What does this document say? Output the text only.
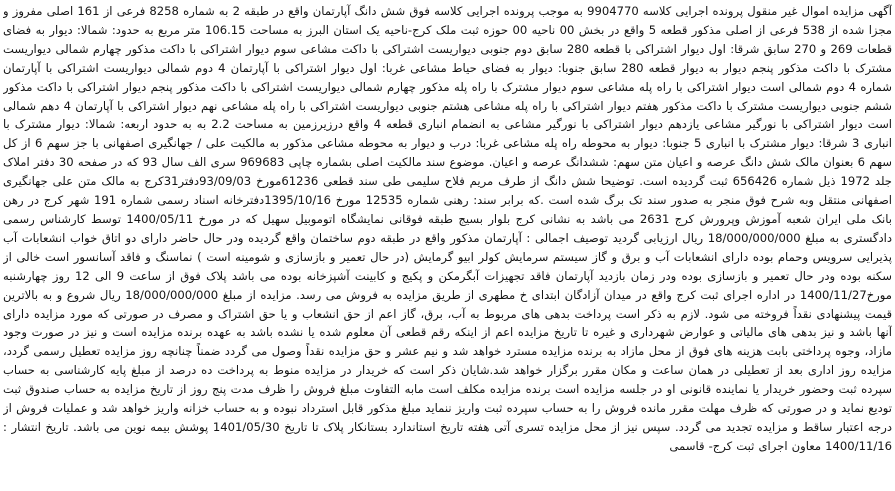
آگهی مزایده اموال غیر منقول پرونده اجرایی کلاسه 9904770 به موجب پرونده اجرایی کلاسه فوق شش دانگ آپارتمان واقع در طبقه 2 به شماره 8258 فرعی از 161 اصلی مفروز و مجزا شده از 538 فرعی از اصلی مذکور قطعه 5 واقع در بخش 00 ناحیه 00 حوزه ثبت ملک کرج-ناحیه یک استان البرز به مساحت 106.15 متر مربع به حدود: شمالا: دیوار به فضای قطعات 269 و 270 سابق شرقا: اول دیوار اشتراکی با قطعه 280 سابق دوم جنوبی دیواریست اشتراکی با داکت مشاعی سوم دیوار اشتراکی با داکت مذکور چهارم شمالی دیواریست مشترک با داکت مذکور پنجم دیوار به دیوار قطعه 280 سابق جنوبا: دیوار به فضای حیاط مشاعی غربا: اول دیوار اشتراکی با آپارتمان 4 دوم شمالی دیواریست اشتراکی با آپارتمان شماره 4 دوم شمالی است دیوار اشتراکی با راه پله مشاعی سوم دیوار مشترک با راه پله مذکور چهارم شمالی دیواریست اشتراکی با داکت مذکور پنجم دیوار اشتراکی با داکت مذکور ششم جنوبی دیواریست مشترک با داکت مذکور هفتم دیوار اشتراکی با راه پله مشاعی هشتم جنوبی دیواریست اشتراکی با راه پله مشاعی نهم دیوار اشتراکی با آپارتمان 4 دهم شمالی است دیوار اشتراکی با نورگیر مشاعی یازدهم دیوار اشتراکی با نورگیر مشاعی به انضمام انباری قطعه 4 واقع درزیرزمین به مساحت 2.2 به به حدود اربعه: شمالا: دیوار مشترک با انباری 3 شرقا: دیوار مشترک با انباری 5 جنوبا: دیوار به محوطه راه پله مشاعی غربا: درب و دیوار به محوطه مشاعی مذکور به مالکیت علی / جهانگیری اصفهانی با جز سهم 6 از کل سهم 6 بعنوان مالک شش دانگ عرصه و اعیان متن سهم: ششدانگ عرصه و اعیان. موضوع سند مالکیت اصلی بشماره چاپی 969683 سری الف سال 93 که در صفحه 30 دفتر املاک جلد 1972 ذیل شماره 656426 ثبت گردیده است. توضیحا شش دانگ از طرف مریم فلاح سلیمی طی سند قطعی 61236مورخ 93/09/03دفتر31کرج به مالک متن علی جهانگیری اصفهانی منتقل وبه شرح فوق منجر به صدور سند تک برگ شده است .که برابر سند: رهنی شماره 12535 مورخ 1395/10/16دفترخانه اسناد رسمی شماره 191 شهر کرج در رهن بانک ملی ایران شعبه آموزش وپرورش کرج 2631 می باشد به نشانی کرج بلوار بسیج طبقه فوقانی نمایشگاه اتوموبیل سهیل که در مورخ 1400/05/11 توسط کارشناس رسمی دادگستری به مبلغ 18/000/000/000 ریال ارزیابی گردید توصیف اجمالی : آپارتمان مذکور واقع در طبقه دوم ساختمان واقع گردیده ودر حال حاضر دارای دو اتاق خواب انشعابات آب پذیرایی سرویس وحمام بوده دارای انشعابات آب و برق و گاز سیستم سرمایش کولر ابیو گرمایش (در حال تعمیر و بازسازی و شومینه است ) نماسنگ و فاقد آسانسور است خالی از سکنه بوده ودر حال تعمیر و بازسازی بوده ودر زمان بازدید آپارتمان فاقد تجهیزات آبگرمکن و پکیج و کابینت آشپزخانه بوده می باشد پلاک فوق از ساعت 9 الی 12 روز چهارشنبه مورخ1400/11/27 در اداره اجرای ثبت کرج واقع در میدان آزادگان ابتدای خ مطهری از طریق مزایده به فروش می رسد. مزایده از مبلغ 18/000/000/000 ریال شروع و به بالاترین قیمت پیشنهادی نقداً فروخته می شود. لازم به ذکر است پرداخت بدهی های مربوط به آب، برق، گاز اعم از حق انشعاب و یا حق اشتراک و مصرف در صورتی که مورد مزایده دارای آنها باشد و نیز بدهی های مالیاتی و عوارض شهرداری و غیره تا تاریخ مزایده اعم از اینکه رقم قطعی آن معلوم شده یا نشده باشد به عهده برنده مزایده است و نیز در صورت وجود مازاد، وجوه پرداختی بابت هزینه های فوق از محل مازاد به برنده مزایده مسترد خواهد شد و نیم عشر و حق مزایده نقداً وصول می گردد ضمناً چنانچه روز مزایده تعطیل رسمی گردد، مزایده روز اداری بعد از تعطیلی در همان ساعت و مکان مقرر برگزار خواهد شد.شایان ذکر است که خریدار در مزایده منوط به پرداخت ده درصد از مبلغ پایه کارشناسی به حساب سپرده ثبت وحضور خریدار یا نماینده قانونی او در جلسه مزایده است برنده مزایده مکلف است مابه التفاوت مبلغ فروش را ظرف مدت پنج روز از تاریخ مزایده به حساب صندوق ثبت تودیع نماید و در صورتی که ظرف مهلت مقرر مانده فروش را به حساب سپرده ثبت واریز ننماید مبلغ مذکور قابل استرداد نبوده و به حساب خزانه واریز خواهد شد و عملیات فروش از درجه اعتبار ساقط و مزایده تجدید می گردد. سپس نیز از محل مزایده تسری آتی هفته تاریخ استاندارد بستانکار پلاک تا تاریخ 1401/05/30 پوشش بیمه نوین می باشد. تاریخ انتشار : 1400/11/16 معاون اجرای ثبت کرج- قاسمی
